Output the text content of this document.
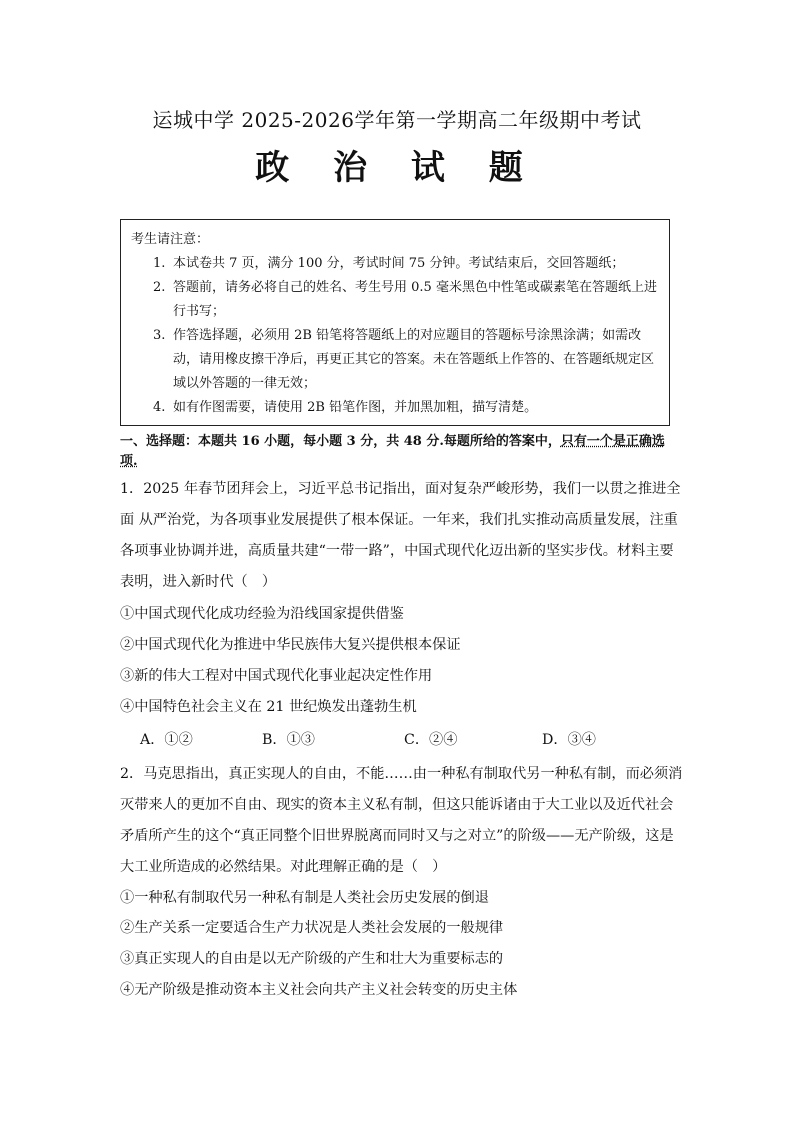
运城中学 2025-2026学年第一学期高二年级期中考试
政 治 试 题
考生请注意：
1. 本试卷共 7 页，满分 100 分，考试时间 75 分钟。考试结束后，交回答题纸；
2. 答题前，请务必将自己的姓名、考生号用 0.5 毫米黑色中性笔或碳素笔在答题纸上进行书写；
3. 作答选择题，必须用 2B 铅笔将答题纸上的对应题目的答题标号涂黑涂满；如需改动，请用橡皮擦干净后，再更正其它的答案。未在答题纸上作答的、在答题纸规定区域以外答题的一律无效；
4. 如有作图需要，请使用 2B 铅笔作图，并加黑加粗，描写清楚。
一、选择题：本题共 16 小题，每小题 3 分，共 48 分.每题所给的答案中，只有一个是正确选项.
1．2025 年春节团拜会上，习近平总书记指出，面对复杂严峻形势，我们一以贯之推进全面 从严治党，为各项事业发展提供了根本保证。一年来，我们扎实推动高质量发展，注重各项事业协调并进，高质量共建“一带一路”，中国式现代化迈出新的坚实步伐。材料主要表明，进入新时代（　）
①中国式现代化成功经验为沿线国家提供借鉴
②中国式现代化为推进中华民族伟大复兴提供根本保证
③新的伟大工程对中国式现代化事业起决定性作用
④中国特色社会主义在 21 世纪焕发出蓬勃生机
A．①②	B．①③	C．②④	D．③④
2．马克思指出，真正实现人的自由，不能……由一种私有制取代另一种私有制，而必须消灭带来人的更加不自由、现实的资本主义私有制，但这只能诉诸由于大工业以及近代社会矛盾所产生的这个“真正同整个旧世界脱离而同时又与之对立”的阶级——无产阶级，这是大工业所造成的必然结果。对此理解正确的是（　）
①一种私有制取代另一种私有制是人类社会历史发展的倒退
②生产关系一定要适合生产力状况是人类社会发展的一般规律
③真正实现人的自由是以无产阶级的产生和壮大为重要标志的
④无产阶级是推动资本主义社会向共产主义社会转变的历史主体
